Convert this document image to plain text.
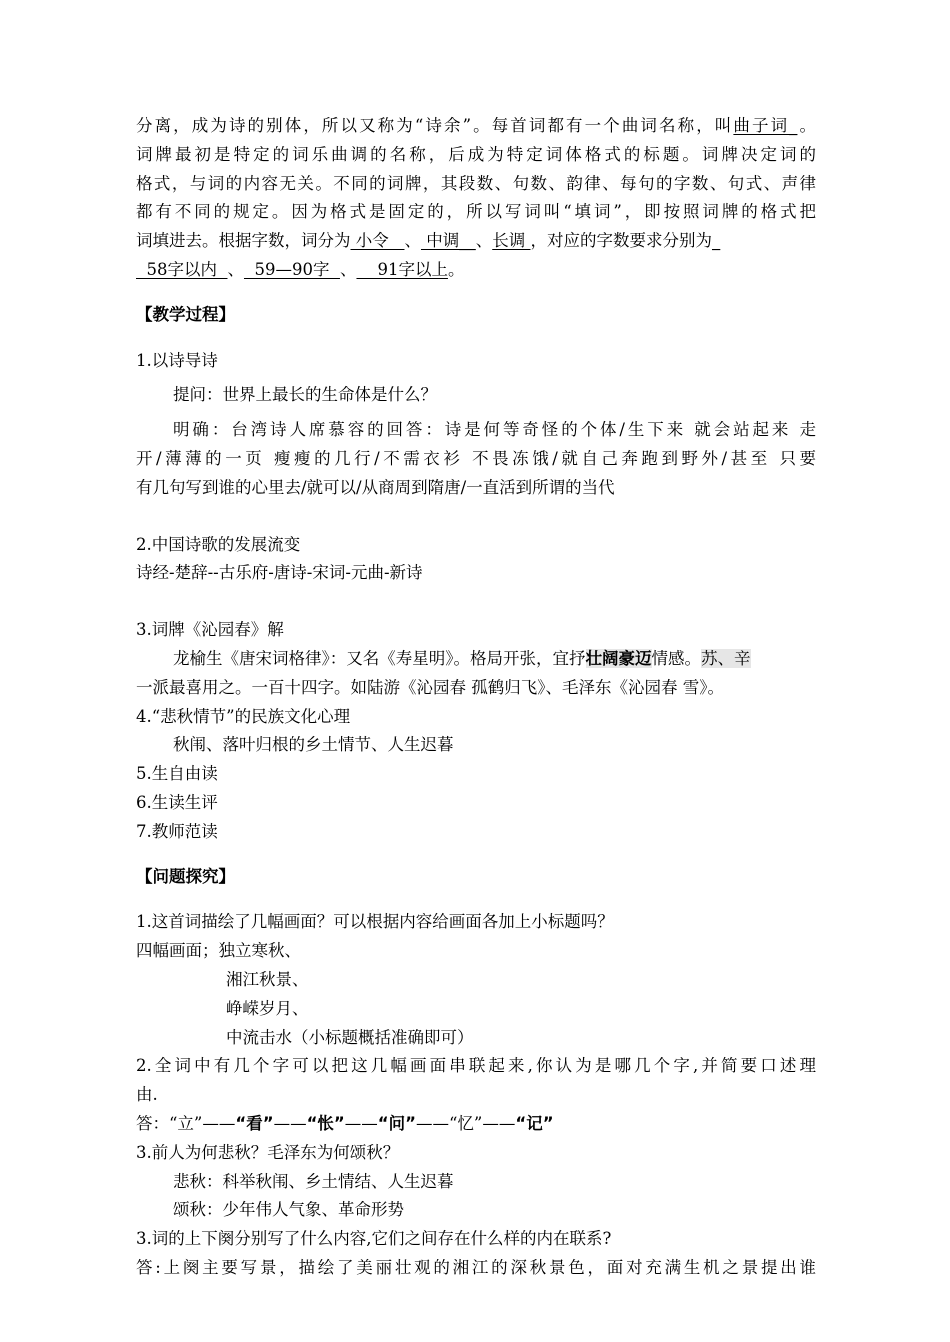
分离，成为诗的别体，所以又称为“诗余”。每首词都有一个曲词名称，叫曲子词_。

词牌最初是特定的词乐曲调的名称，后成为特定词体格式的标题。词牌决定词的

格式，与词的内容无关。不同的词牌，其段数、句数、韵律、每句的字数、句式、声律

都有不同的规定。因为格式是固定的，所以写词叫“填词”，即按照词牌的格式把

词填进去。根据字数，词分为 小令   、 中调__、长调 ，对应的字数要求分别为_

58字以内  、  59—90字  、    91字以上。

【教学过程】

1.以诗导诗

提问：世界上最长的生命体是什么？

明确：台湾诗人席慕容的回答：诗是何等奇怪的个体/生下来 就会站起来 走

开/薄薄的一页 瘦瘦的几行/不需衣衫 不畏冻饿/就自己奔跑到野外/甚至 只要

有几句写到谁的心里去/就可以/从商周到隋唐/一直活到所谓的当代

2.中国诗歌的发展流变

诗经-楚辞--古乐府-唐诗-宋词-元曲-新诗

3.词牌《沁园春》解

龙榆生《唐宋词格律》：又名《寿星明》。格局开张，宜抒壮阔豪迈情感。苏、辛

一派最喜用之。一百十四字。如陆游《沁园春 孤鹤归飞》、毛泽东《沁园春 雪》。

4.“悲秋情节”的民族文化心理

秋闱、落叶归根的乡土情节、人生迟暮

5.生自由读

6.生读生评

7.教师范读

【问题探究】

1.这首词描绘了几幅画面？可以根据内容给画面各加上小标题吗？

四幅画面；独立寒秋、

湘江秋景、

峥嵘岁月、

中流击水（小标题概括准确即可）

2.全词中有几个字可以把这几幅画面串联起来,你认为是哪几个字,并简要口述理

由.

答：“立”——“看”——“怅”——“问”——“忆”——“记”

3.前人为何悲秋？毛泽东为何颂秋？

悲秋：科举秋闱、乡土情结、人生迟暮

颂秋：少年伟人气象、革命形势

3.词的上下阕分别写了什么内容,它们之间存在什么样的内在联系?

答:上阕主要写景，描绘了美丽壮观的湘江的深秋景色，面对充满生机之景提出谁
